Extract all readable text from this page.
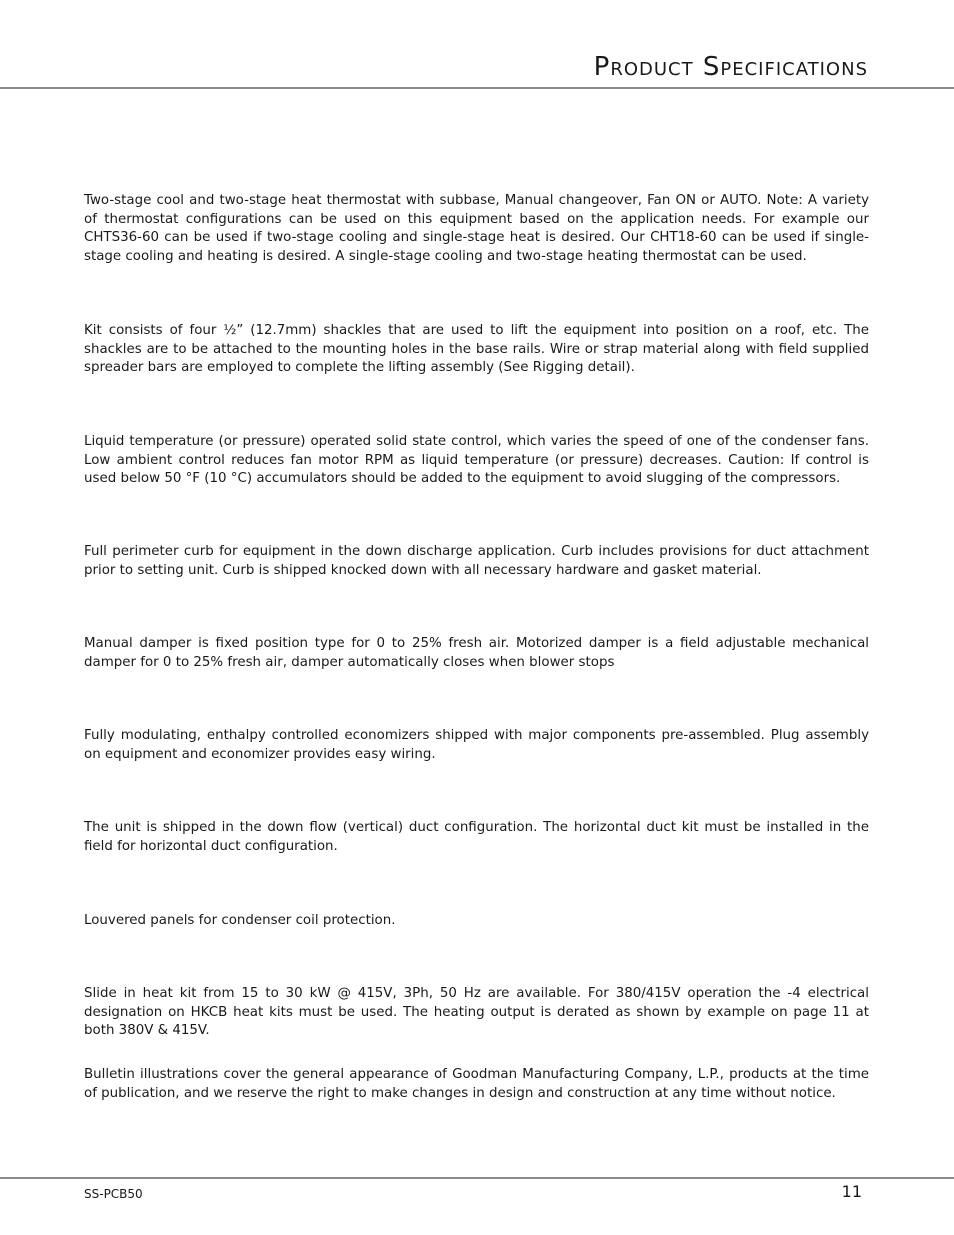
Product Specifications

Two-stage cool and two-stage heat thermostat with subbase, Manual changeover, Fan ON or AUTO. Note: A variety of thermostat configurations can be used on this equipment based on the application needs. For example our CHTS36-60 can be used if two-stage cooling and single-stage heat is desired. Our CHT18-60 can be used if single-stage cooling and heating is desired. A single-stage cooling and two-stage heating thermostat can be used.

Kit consists of four ½” (12.7mm) shackles that are used to lift the equipment into position on a roof, etc. The shackles are to be attached to the mounting holes in the base rails. Wire or strap material along with field supplied spreader bars are employed to complete the lifting assembly (See Rigging detail).

Liquid temperature (or pressure) operated solid state control, which varies the speed of one of the condenser fans. Low ambient control reduces fan motor RPM as liquid temperature (or pressure) decreases. Caution: If control is used below 50 °F (10 °C) accumulators should be added to the equipment to avoid slugging of the compressors.

Full perimeter curb for equipment in the down discharge application. Curb includes provisions for duct attachment prior to setting unit. Curb is shipped knocked down with all necessary hardware and gasket material.

Manual damper is fixed position type for 0 to 25% fresh air. Motorized damper is a field adjustable mechanical damper for 0 to 25% fresh air, damper automatically closes when blower stops

Fully modulating, enthalpy controlled economizers shipped with major components pre-assembled. Plug assembly on equipment and economizer provides easy wiring.

The unit is shipped in the down flow (vertical) duct configuration. The horizontal duct kit must be installed in the field for horizontal duct configuration.

Louvered panels for condenser coil protection.

Slide in heat kit from 15 to 30 kW @ 415V, 3Ph, 50 Hz are available. For 380/415V operation the -4 electrical designation on HKCB heat kits must be used. The heating output is derated as shown by example on page 11 at both 380V & 415V.

Bulletin illustrations cover the general appearance of Goodman Manufacturing Company, L.P., products at the time of publication, and we reserve the right to make changes in design and construction at any time without notice.

SS-PCB50	11
